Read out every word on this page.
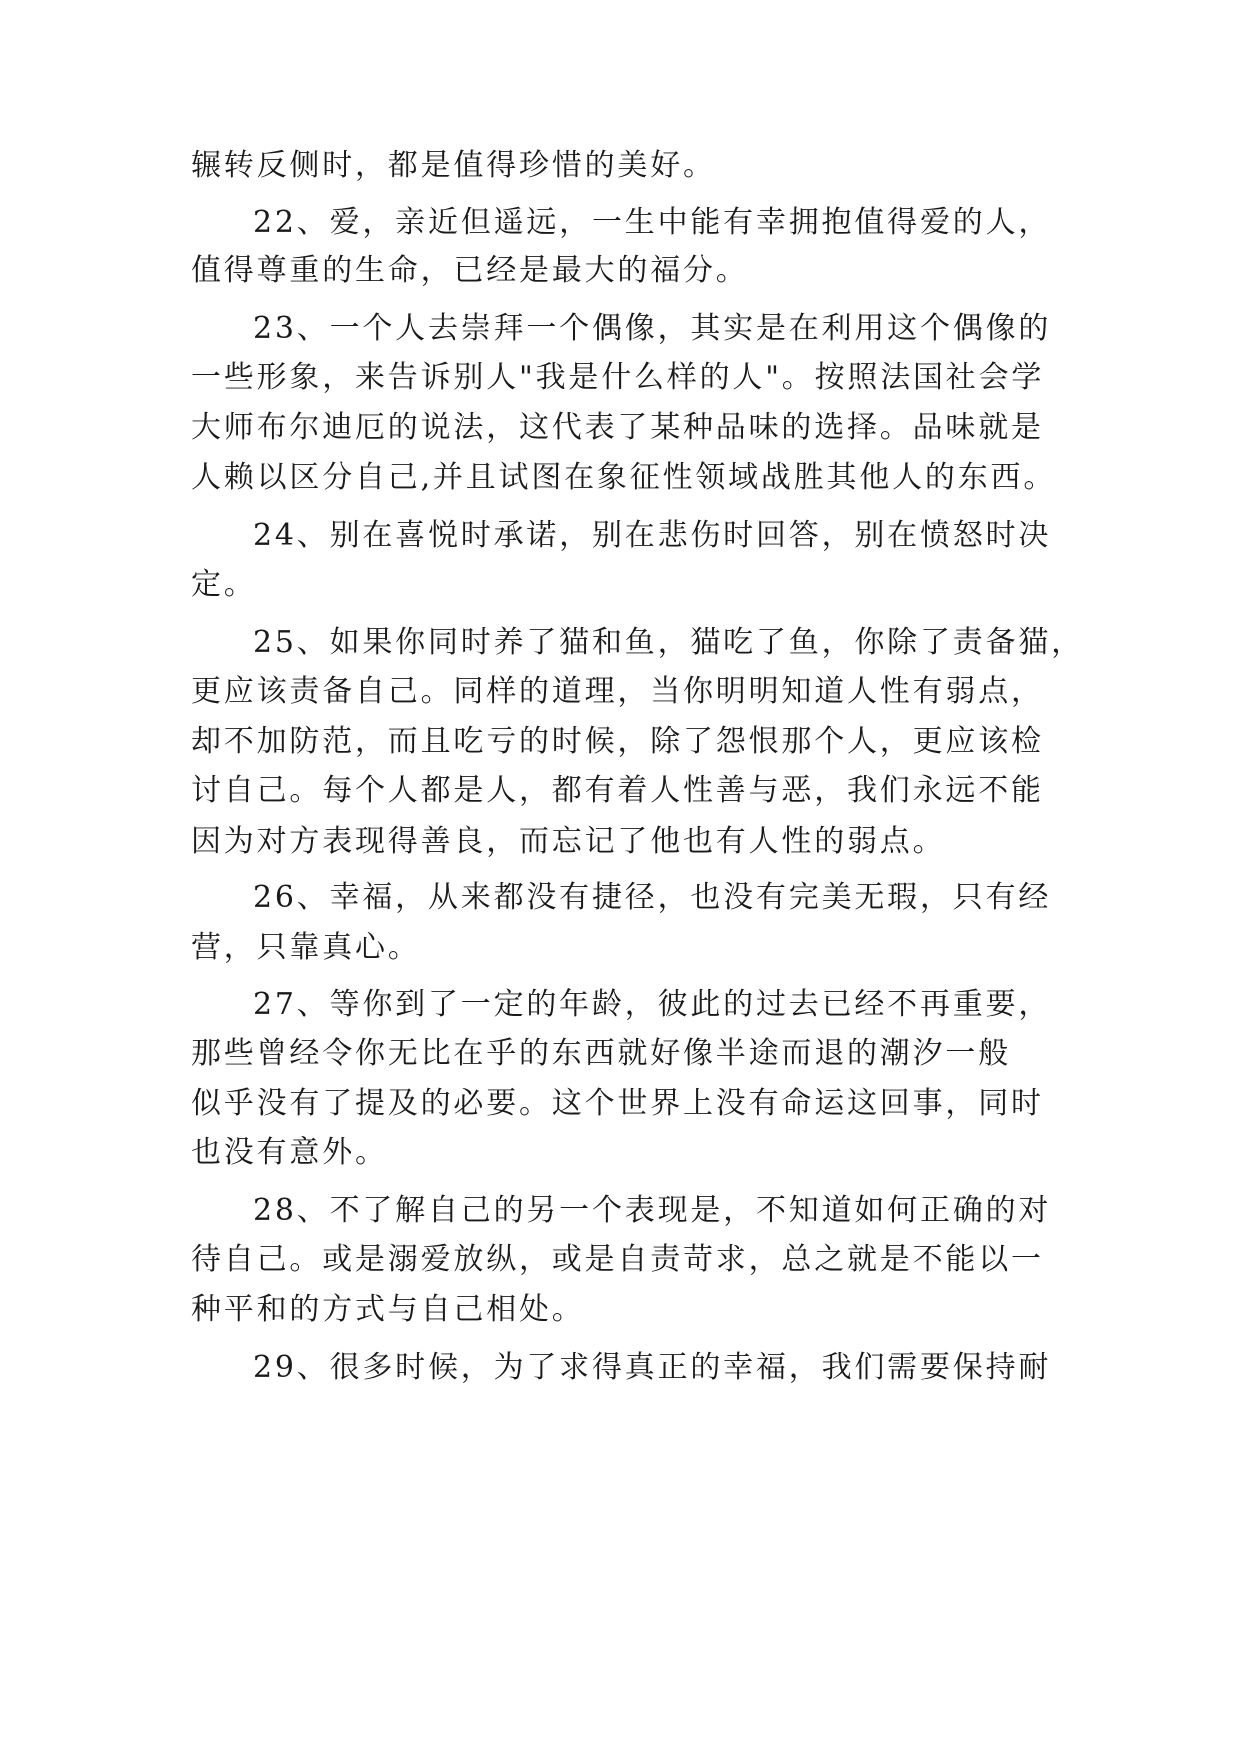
辗转反侧时，都是值得珍惜的美好。

22、爱，亲近但遥远，一生中能有幸拥抱值得爱的人，

值得尊重的生命，已经是最大的福分。

23、一个人去崇拜一个偶像，其实是在利用这个偶像的

一些形象，来告诉别人"我是什么样的人"。按照法国社会学

大师布尔迪厄的说法，这代表了某种品味的选择。品味就是

人赖以区分自己,并且试图在象征性领域战胜其他人的东西。

24、别在喜悦时承诺，别在悲伤时回答，别在愤怒时决

定。

25、如果你同时养了猫和鱼，猫吃了鱼，你除了责备猫，

更应该责备自己。同样的道理，当你明明知道人性有弱点，

却不加防范，而且吃亏的时候，除了怨恨那个人，更应该检

讨自己。每个人都是人，都有着人性善与恶，我们永远不能

因为对方表现得善良，而忘记了他也有人性的弱点。

26、幸福，从来都没有捷径，也没有完美无瑕，只有经

营，只靠真心。

27、等你到了一定的年龄，彼此的过去已经不再重要，

那些曾经令你无比在乎的东西就好像半途而退的潮汐一般

似乎没有了提及的必要。这个世界上没有命运这回事，同时

也没有意外。

28、不了解自己的另一个表现是，不知道如何正确的对

待自己。或是溺爱放纵，或是自责苛求，总之就是不能以一

种平和的方式与自己相处。

29、很多时候，为了求得真正的幸福，我们需要保持耐
